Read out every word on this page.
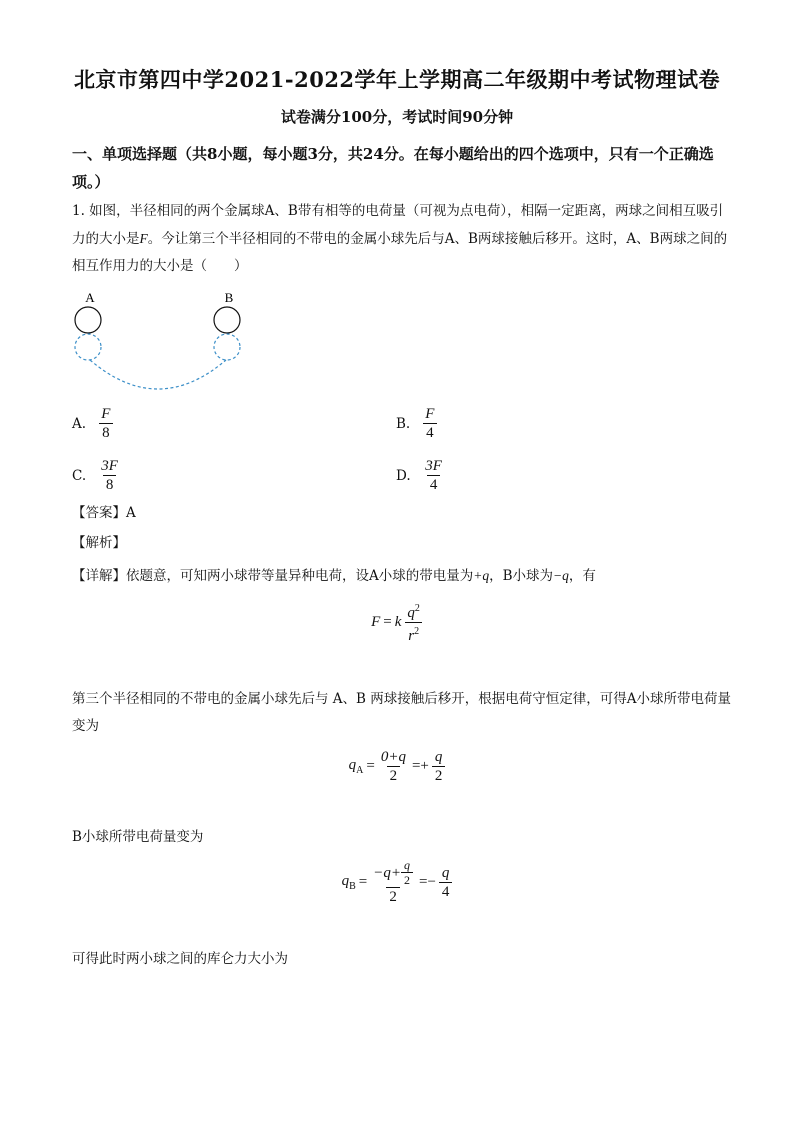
北京市第四中学2021-2022学年上学期高二年级期中考试物理试卷
试卷满分100分，考试时间90分钟
一、单项选择题（共8小题，每小题3分，共24分。在每小题给出的四个选项中，只有一个正确选项。）
1. 如图，半径相同的两个金属球A、B带有相等的电荷量（可视为点电荷），相隔一定距离，两球之间相互吸引力的大小是F。今让第三个半径相同的不带电的金属小球先后与A、B两球接触后移开。这时，A、B两球之间的相互作用力的大小是（　　）
A	B
A. $\frac{F}{8}$	B. $\frac{F}{4}$
C. $\frac{3F}{8}$	D. $\frac{3F}{4}$
【答案】A
【解析】
【详解】依题意，可知两小球带等量异种电荷，设A小球的带电量为+q，B小球为−q，有
F = k $\frac{q^2}{r^2}$
第三个半径相同的不带电的金属小球先后与 A、B 两球接触后移开，根据电荷守恒定律，可得A小球所带电荷量变为
$q_A = \frac{0+q}{2} =+ \frac{q}{2}$
B小球所带电荷量变为
$q_B = \frac{-q+ \frac{q}{2}}{2} =- \frac{q}{4}$
可得此时两小球之间的库仑力大小为
